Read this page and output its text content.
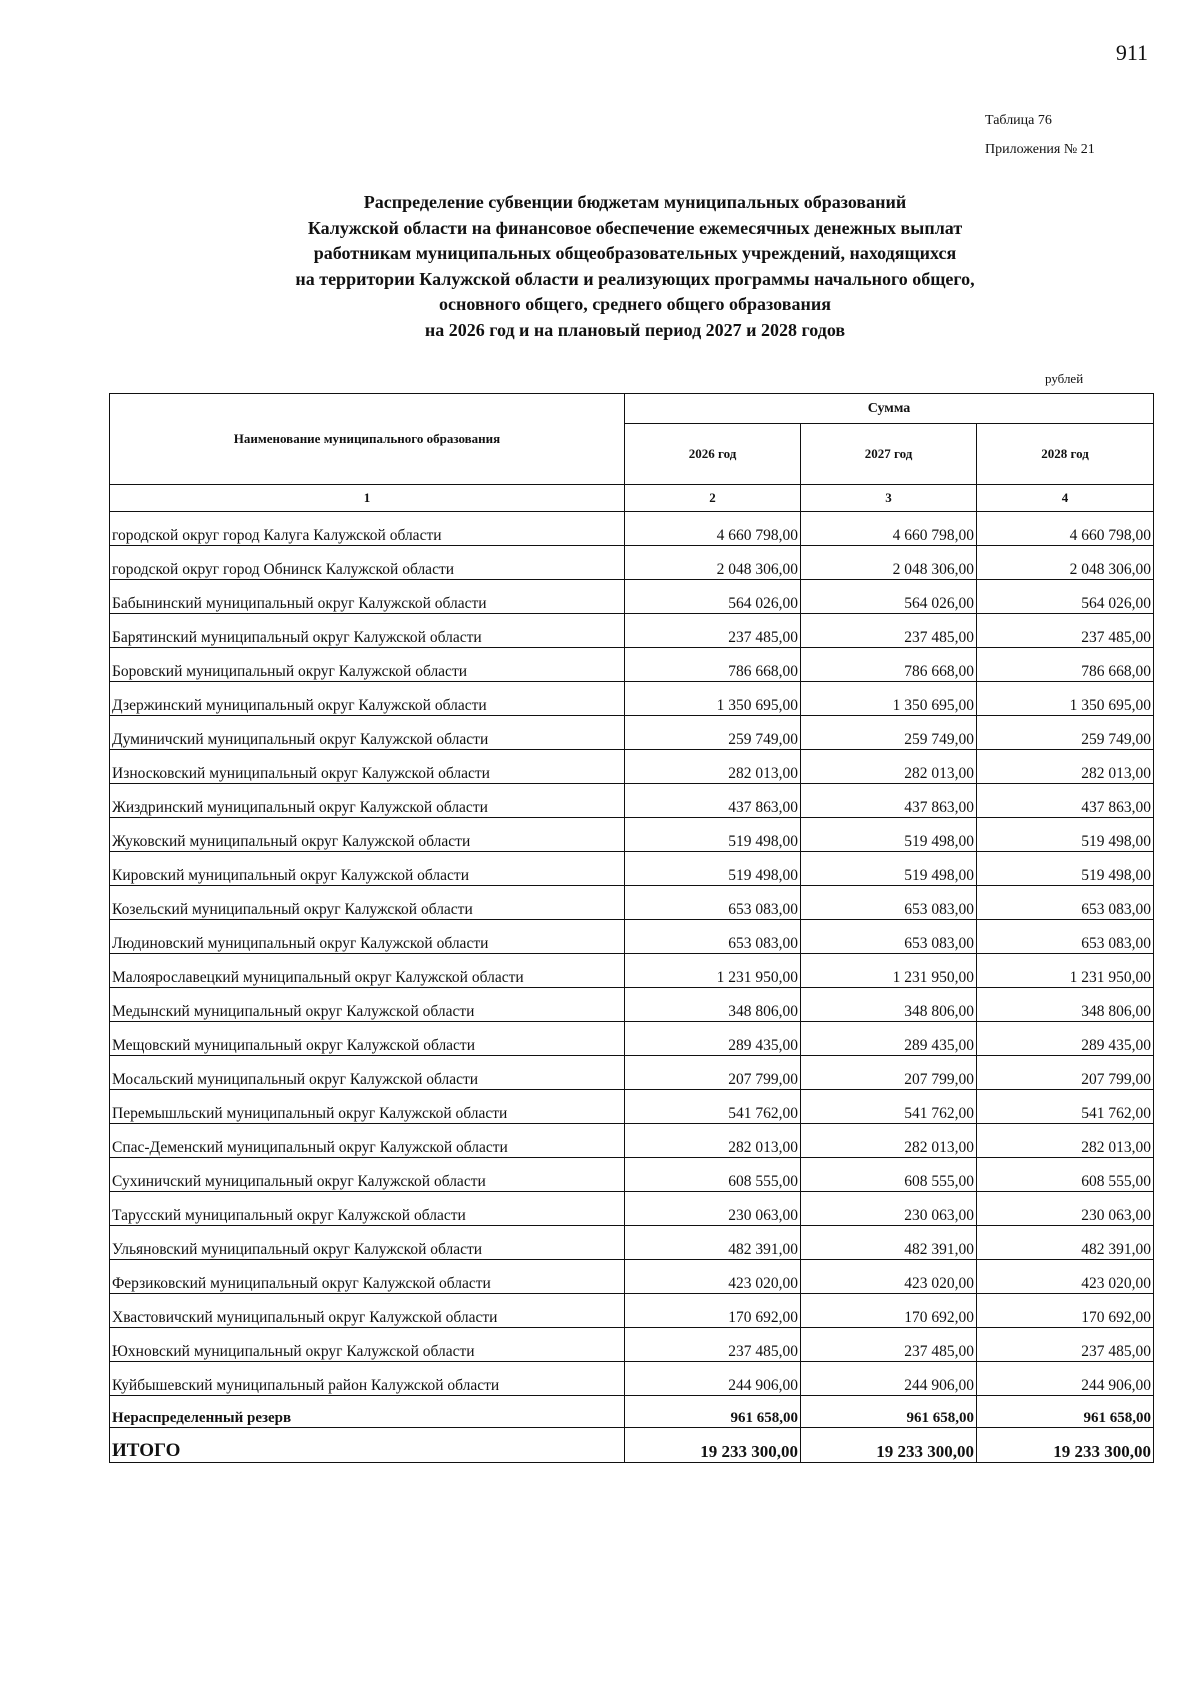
911
Таблица 76
Приложения № 21
Распределение субвенции бюджетам муниципальных образований
Калужской области на финансовое обеспечение ежемесячных денежных выплат
работникам муниципальных общеобразовательных учреждений, находящихся
на территории Калужской области и реализующих программы начального общего,
основного общего, среднего общего образования
на 2026 год и на плановый период 2027 и 2028 годов
рублей
Наименование муниципального образования	Сумма		
	2026 год	2027 год	2028 год
1	2	3	4
городской округ город Калуга Калужской области	4 660 798,00	4 660 798,00	4 660 798,00
городской округ город Обнинск Калужской области	2 048 306,00	2 048 306,00	2 048 306,00
Бабынинский муниципальный округ Калужской области	564 026,00	564 026,00	564 026,00
Барятинский муниципальный округ Калужской области	237 485,00	237 485,00	237 485,00
Боровский муниципальный округ Калужской области	786 668,00	786 668,00	786 668,00
Дзержинский муниципальный округ Калужской области	1 350 695,00	1 350 695,00	1 350 695,00
Думиничский муниципальный округ Калужской области	259 749,00	259 749,00	259 749,00
Износковский муниципальный округ Калужской области	282 013,00	282 013,00	282 013,00
Жиздринский муниципальный округ Калужской области	437 863,00	437 863,00	437 863,00
Жуковский муниципальный округ Калужской области	519 498,00	519 498,00	519 498,00
Кировский муниципальный округ Калужской области	519 498,00	519 498,00	519 498,00
Козельский муниципальный округ Калужской области	653 083,00	653 083,00	653 083,00
Людиновский муниципальный округ Калужской области	653 083,00	653 083,00	653 083,00
Малоярославецкий муниципальный округ Калужской области	1 231 950,00	1 231 950,00	1 231 950,00
Медынский муниципальный округ Калужской области	348 806,00	348 806,00	348 806,00
Мещовский муниципальный округ Калужской области	289 435,00	289 435,00	289 435,00
Мосальский муниципальный округ Калужской области	207 799,00	207 799,00	207 799,00
Перемышльский муниципальный округ Калужской области	541 762,00	541 762,00	541 762,00
Спас-Деменский муниципальный округ Калужской области	282 013,00	282 013,00	282 013,00
Сухиничский муниципальный округ Калужской области	608 555,00	608 555,00	608 555,00
Тарусский муниципальный округ Калужской области	230 063,00	230 063,00	230 063,00
Ульяновский муниципальный округ Калужской области	482 391,00	482 391,00	482 391,00
Ферзиковский муниципальный округ Калужской области	423 020,00	423 020,00	423 020,00
Хвастовичский муниципальный округ Калужской области	170 692,00	170 692,00	170 692,00
Юхновский муниципальный округ Калужской области	237 485,00	237 485,00	237 485,00
Куйбышевский муниципальный район Калужской области	244 906,00	244 906,00	244 906,00
Нераспределенный резерв	961 658,00	961 658,00	961 658,00
ИТОГО	19 233 300,00	19 233 300,00	19 233 300,00
